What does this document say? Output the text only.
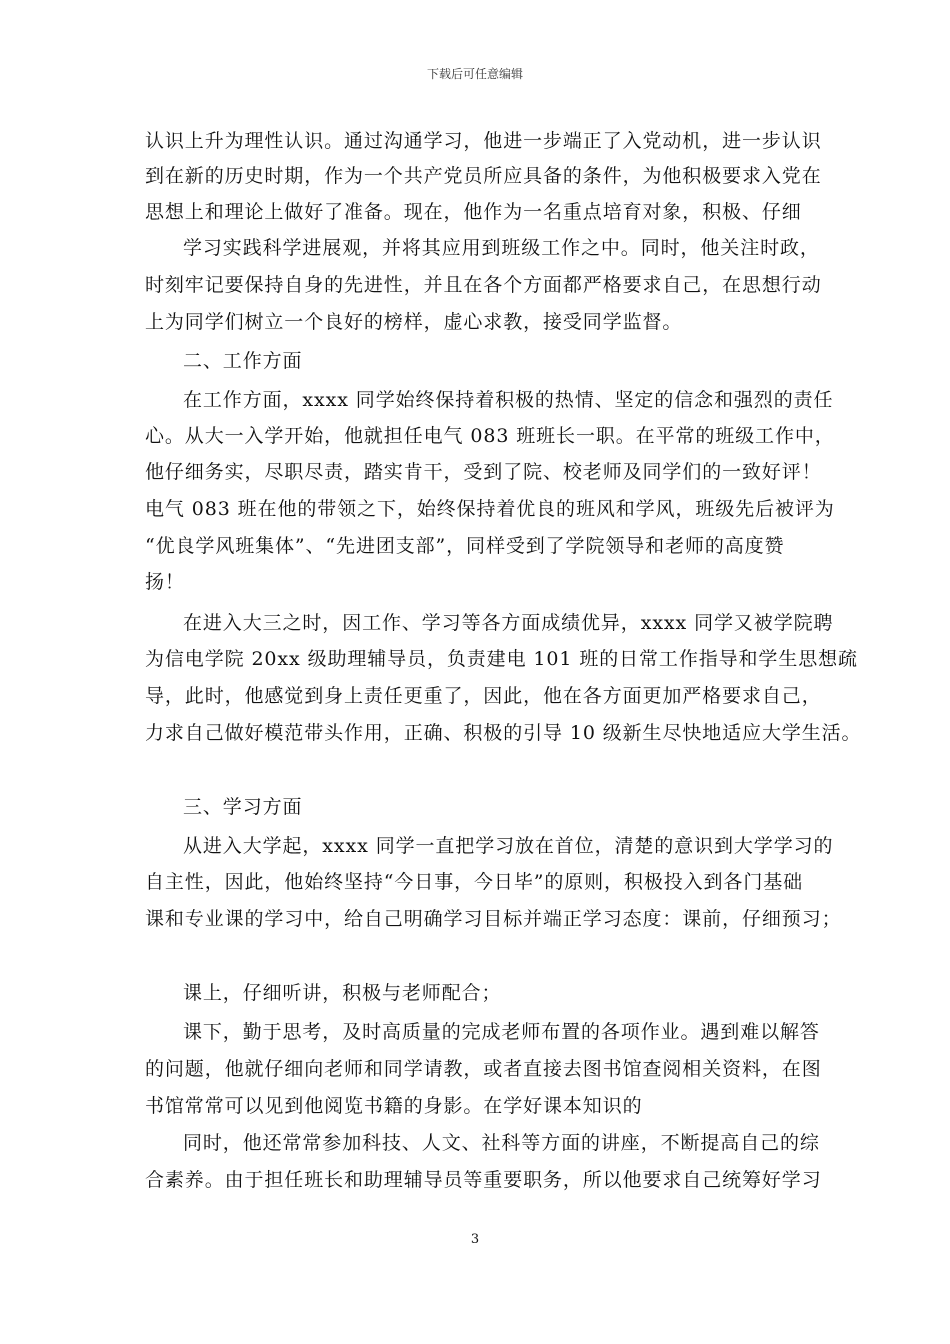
下载后可任意编辑
认识上升为理性认识。通过沟通学习，他进一步端正了入党动机，进一步认识
到在新的历史时期，作为一个共产党员所应具备的条件，为他积极要求入党在
思想上和理论上做好了准备。现在，他作为一名重点培育对象，积极、仔细
学习实践科学进展观，并将其应用到班级工作之中。同时，他关注时政，
时刻牢记要保持自身的先进性，并且在各个方面都严格要求自己，在思想行动
上为同学们树立一个良好的榜样，虚心求教，接受同学监督。
二、工作方面
在工作方面，xxxx 同学始终保持着积极的热情、坚定的信念和强烈的责任
心。从大一入学开始，他就担任电气 083 班班长一职。在平常的班级工作中，
他仔细务实，尽职尽责，踏实肯干，受到了院、校老师及同学们的一致好评！
电气 083 班在他的带领之下，始终保持着优良的班风和学风，班级先后被评为
“优良学风班集体”、“先进团支部”，同样受到了学院领导和老师的高度赞
扬！
在进入大三之时，因工作、学习等各方面成绩优异，xxxx 同学又被学院聘
为信电学院 20xx 级助理辅导员，负责建电 101 班的日常工作指导和学生思想疏
导，此时，他感觉到身上责任更重了，因此，他在各方面更加严格要求自己，
力求自己做好模范带头作用，正确、积极的引导 10 级新生尽快地适应大学生活。
三、学习方面
从进入大学起，xxxx 同学一直把学习放在首位，清楚的意识到大学学习的
自主性，因此，他始终坚持“今日事，今日毕”的原则，积极投入到各门基础
课和专业课的学习中，给自己明确学习目标并端正学习态度：课前，仔细预习；
课上，仔细听讲，积极与老师配合；
课下，勤于思考，及时高质量的完成老师布置的各项作业。遇到难以解答
的问题，他就仔细向老师和同学请教，或者直接去图书馆查阅相关资料，在图
书馆常常可以见到他阅览书籍的身影。在学好课本知识的
同时，他还常常参加科技、人文、社科等方面的讲座，不断提高自己的综
合素养。由于担任班长和助理辅导员等重要职务，所以他要求自己统筹好学习
3
